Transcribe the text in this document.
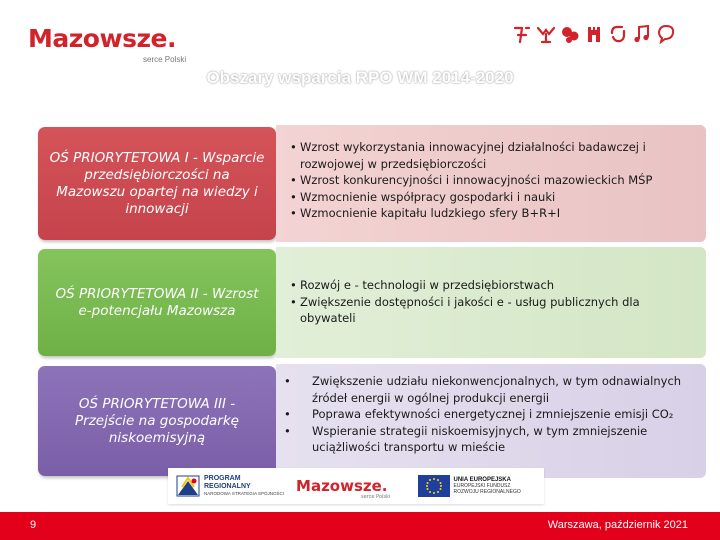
Mazowsze.
serce Polski
Obszary wsparcia RPO WM 2014-2020
OŚ PRIORYTETOWA I - Wsparcie przedsiębiorczości na Mazowszu opartej na wiedzy i innowacji
• Wzrost wykorzystania innowacyjnej działalności badawczej i rozwojowej w przedsiębiorczości
• Wzrost konkurencyjności i innowacyjności mazowieckich MŚP
• Wzmocnienie współpracy gospodarki i nauki
• Wzmocnienie kapitału ludzkiego sfery B+R+I
OŚ PRIORYTETOWA II - Wzrost e-potencjału Mazowsza
• Rozwój e - technologii w przedsiębiorstwach
• Zwiększenie dostępności i jakości e - usług publicznych dla obywateli
OŚ PRIORYTETOWA III - Przejście na gospodarkę niskoemisyjną
•	Zwiększenie udziału niekonwencjonalnych, w tym odnawialnych źródeł energii w ogólnej produkcji energii
•	Poprawa efektywności energetycznej i zmniejszenie emisji CO₂
•	Wspieranie strategii niskoemisyjnych, w tym zmniejszenie uciążliwości transportu w mieście
PROGRAM
REGIONALNY
NARODOWA STRATEGIA SPÓJNOŚCI Mazowsze.
serce Polski
UNIA EUROPEJSKA
EUROPEJSKI FUNDUSZ
ROZWOJU REGIONALNEGO
9	Warszawa, październik 2021
